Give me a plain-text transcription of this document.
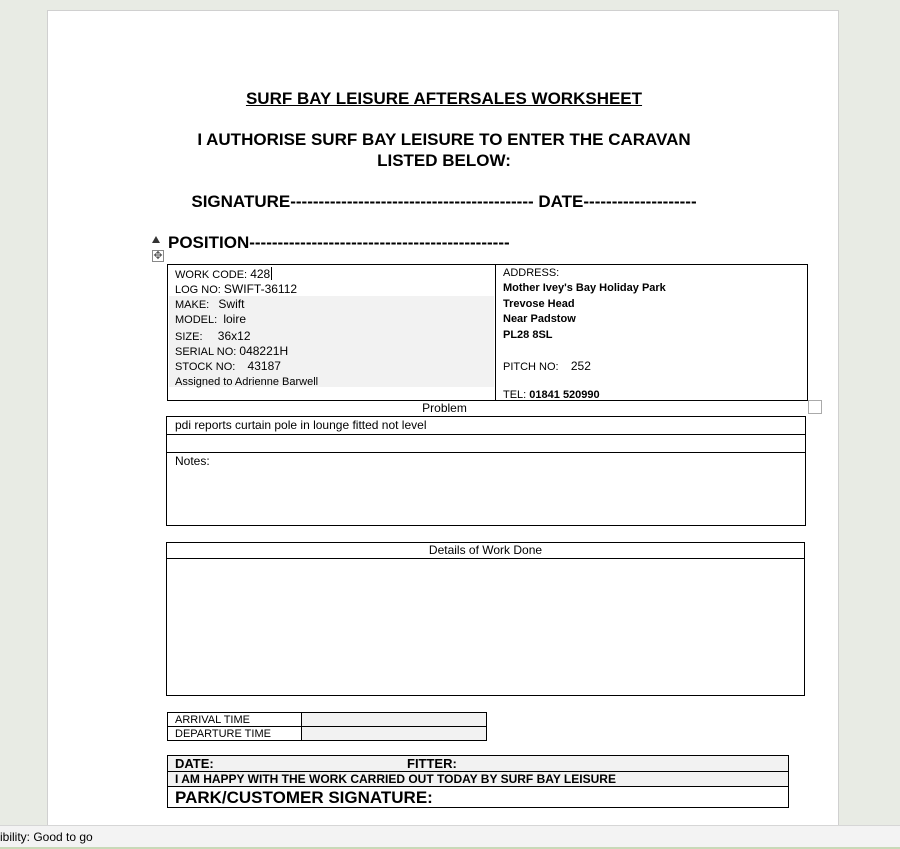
SURF BAY LEISURE AFTERSALES WORKSHEET
I AUTHORISE SURF BAY LEISURE TO ENTER THE CARAVAN
LISTED BELOW:
SIGNATURE------------------------------------------- DATE--------------------
POSITION----------------------------------------------
✥
WORK CODE: 428
LOG NO: SWIFT-36112
MAKE: Swift
MODEL: loire
SIZE: 36x12
SERIAL NO: 048221H
STOCK NO: 43187
Assigned to Adrienne Barwell
ADDRESS:
Mother Ivey's Bay Holiday Park
Trevose Head
Near Padstow
PL28 8SL
PITCH NO: 252
TEL: 01841 520990
Problem
pdi reports curtain pole in lounge fitted not level
Notes:
Details of Work Done
ARRIVAL TIME
DEPARTURE TIME
DATE:	FITTER:
I AM HAPPY WITH THE WORK CARRIED OUT TODAY BY SURF BAY LEISURE
PARK/CUSTOMER SIGNATURE:
ibility: Good to go
